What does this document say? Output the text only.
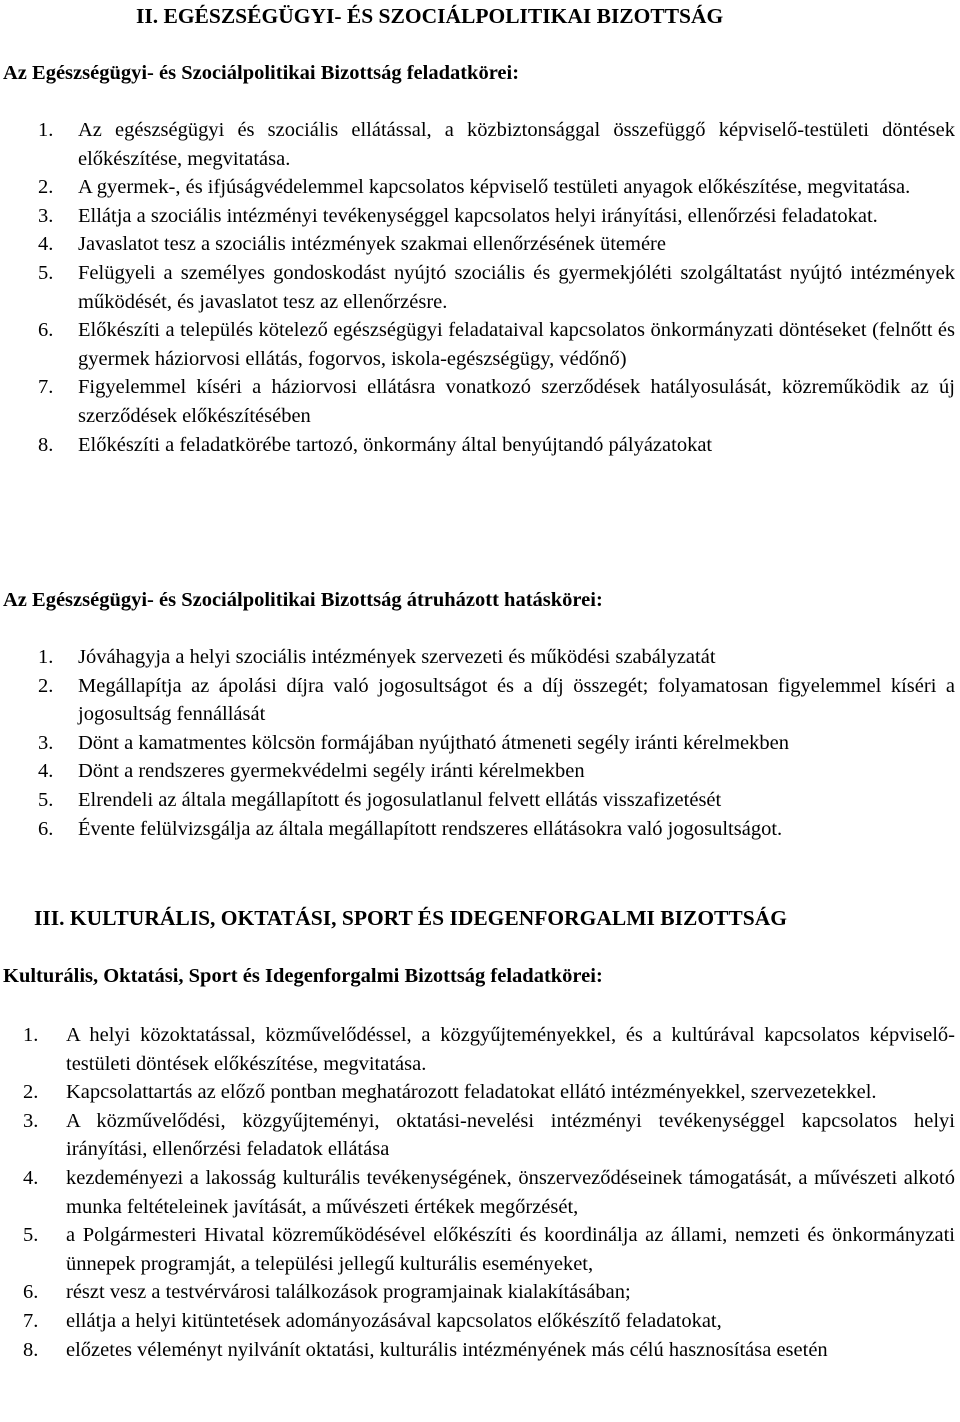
II. EGÉSZSÉGÜGYI- ÉS SZOCIÁLPOLITIKAI BIZOTTSÁG
Az Egészségügyi- és Szociálpolitikai Bizottság feladatkörei:
1. Az egészségügyi és szociális ellátással, a közbiztonsággal összefüggő képviselő-testületi döntések előkészítése, megvitatása.
2. A gyermek-, és ifjúságvédelemmel kapcsolatos képviselő testületi anyagok előkészítése, megvitatása.
3. Ellátja a szociális intézményi tevékenységgel kapcsolatos helyi irányítási, ellenőrzési feladatokat.
4. Javaslatot tesz a szociális intézmények szakmai ellenőrzésének ütemére
5. Felügyeli a személyes gondoskodást nyújtó szociális és gyermekjóléti szolgáltatást nyújtó intézmények működését, és javaslatot tesz az ellenőrzésre.
6. Előkészíti a település kötelező egészségügyi feladataival kapcsolatos önkormányzati döntéseket (felnőtt és gyermek háziorvosi ellátás, fogorvos, iskola-egészségügy, védőnő)
7. Figyelemmel kíséri a háziorvosi ellátásra vonatkozó szerződések hatályosulását, közreműködik az új szerződések előkészítésében
8. Előkészíti a feladatkörébe tartozó, önkormány által benyújtandó pályázatokat
Az Egészségügyi- és Szociálpolitikai Bizottság átruházott hatáskörei:
1. Jóváhagyja a helyi szociális intézmények szervezeti és működési szabályzatát
2. Megállapítja az ápolási díjra való jogosultságot és a díj összegét; folyamatosan figyelemmel kíséri a jogosultság fennállását
3. Dönt a kamatmentes kölcsön formájában nyújtható átmeneti segély iránti kérelmekben
4. Dönt a rendszeres gyermekvédelmi segély iránti kérelmekben
5. Elrendeli az általa megállapított és jogosulatlanul felvett ellátás visszafizetését
6. Évente felülvizsgálja az általa megállapított rendszeres ellátásokra való jogosultságot.
III. KULTURÁLIS, OKTATÁSI, SPORT ÉS IDEGENFORGALMI BIZOTTSÁG
Kulturális, Oktatási, Sport és Idegenforgalmi Bizottság feladatkörei:
1. A helyi közoktatással, közművelődéssel, a közgyűjteményekkel, és a kultúrával kapcsolatos képviselő-testületi döntések előkészítése, megvitatása.
2. Kapcsolattartás az előző pontban meghatározott feladatokat ellátó intézményekkel, szervezetekkel.
3. A közművelődési, közgyűjteményi, oktatási-nevelési intézményi tevékenységgel kapcsolatos helyi irányítási, ellenőrzési feladatok ellátása
4. kezdeményezi a lakosság kulturális tevékenységének, önszerveződéseinek támogatását, a művészeti alkotó munka feltételeinek javítását, a művészeti értékek megőrzését,
5. a Polgármesteri Hivatal közreműködésével előkészíti és koordinálja az állami, nemzeti és önkormányzati ünnepek programját, a települési jellegű kulturális eseményeket,
6. részt vesz a testvérvárosi találkozások programjainak kialakításában;
7. ellátja a helyi kitüntetések adományozásával kapcsolatos előkészítő feladatokat,
8. előzetes véleményt nyilvánít oktatási, kulturális intézményének más célú hasznosítása esetén
